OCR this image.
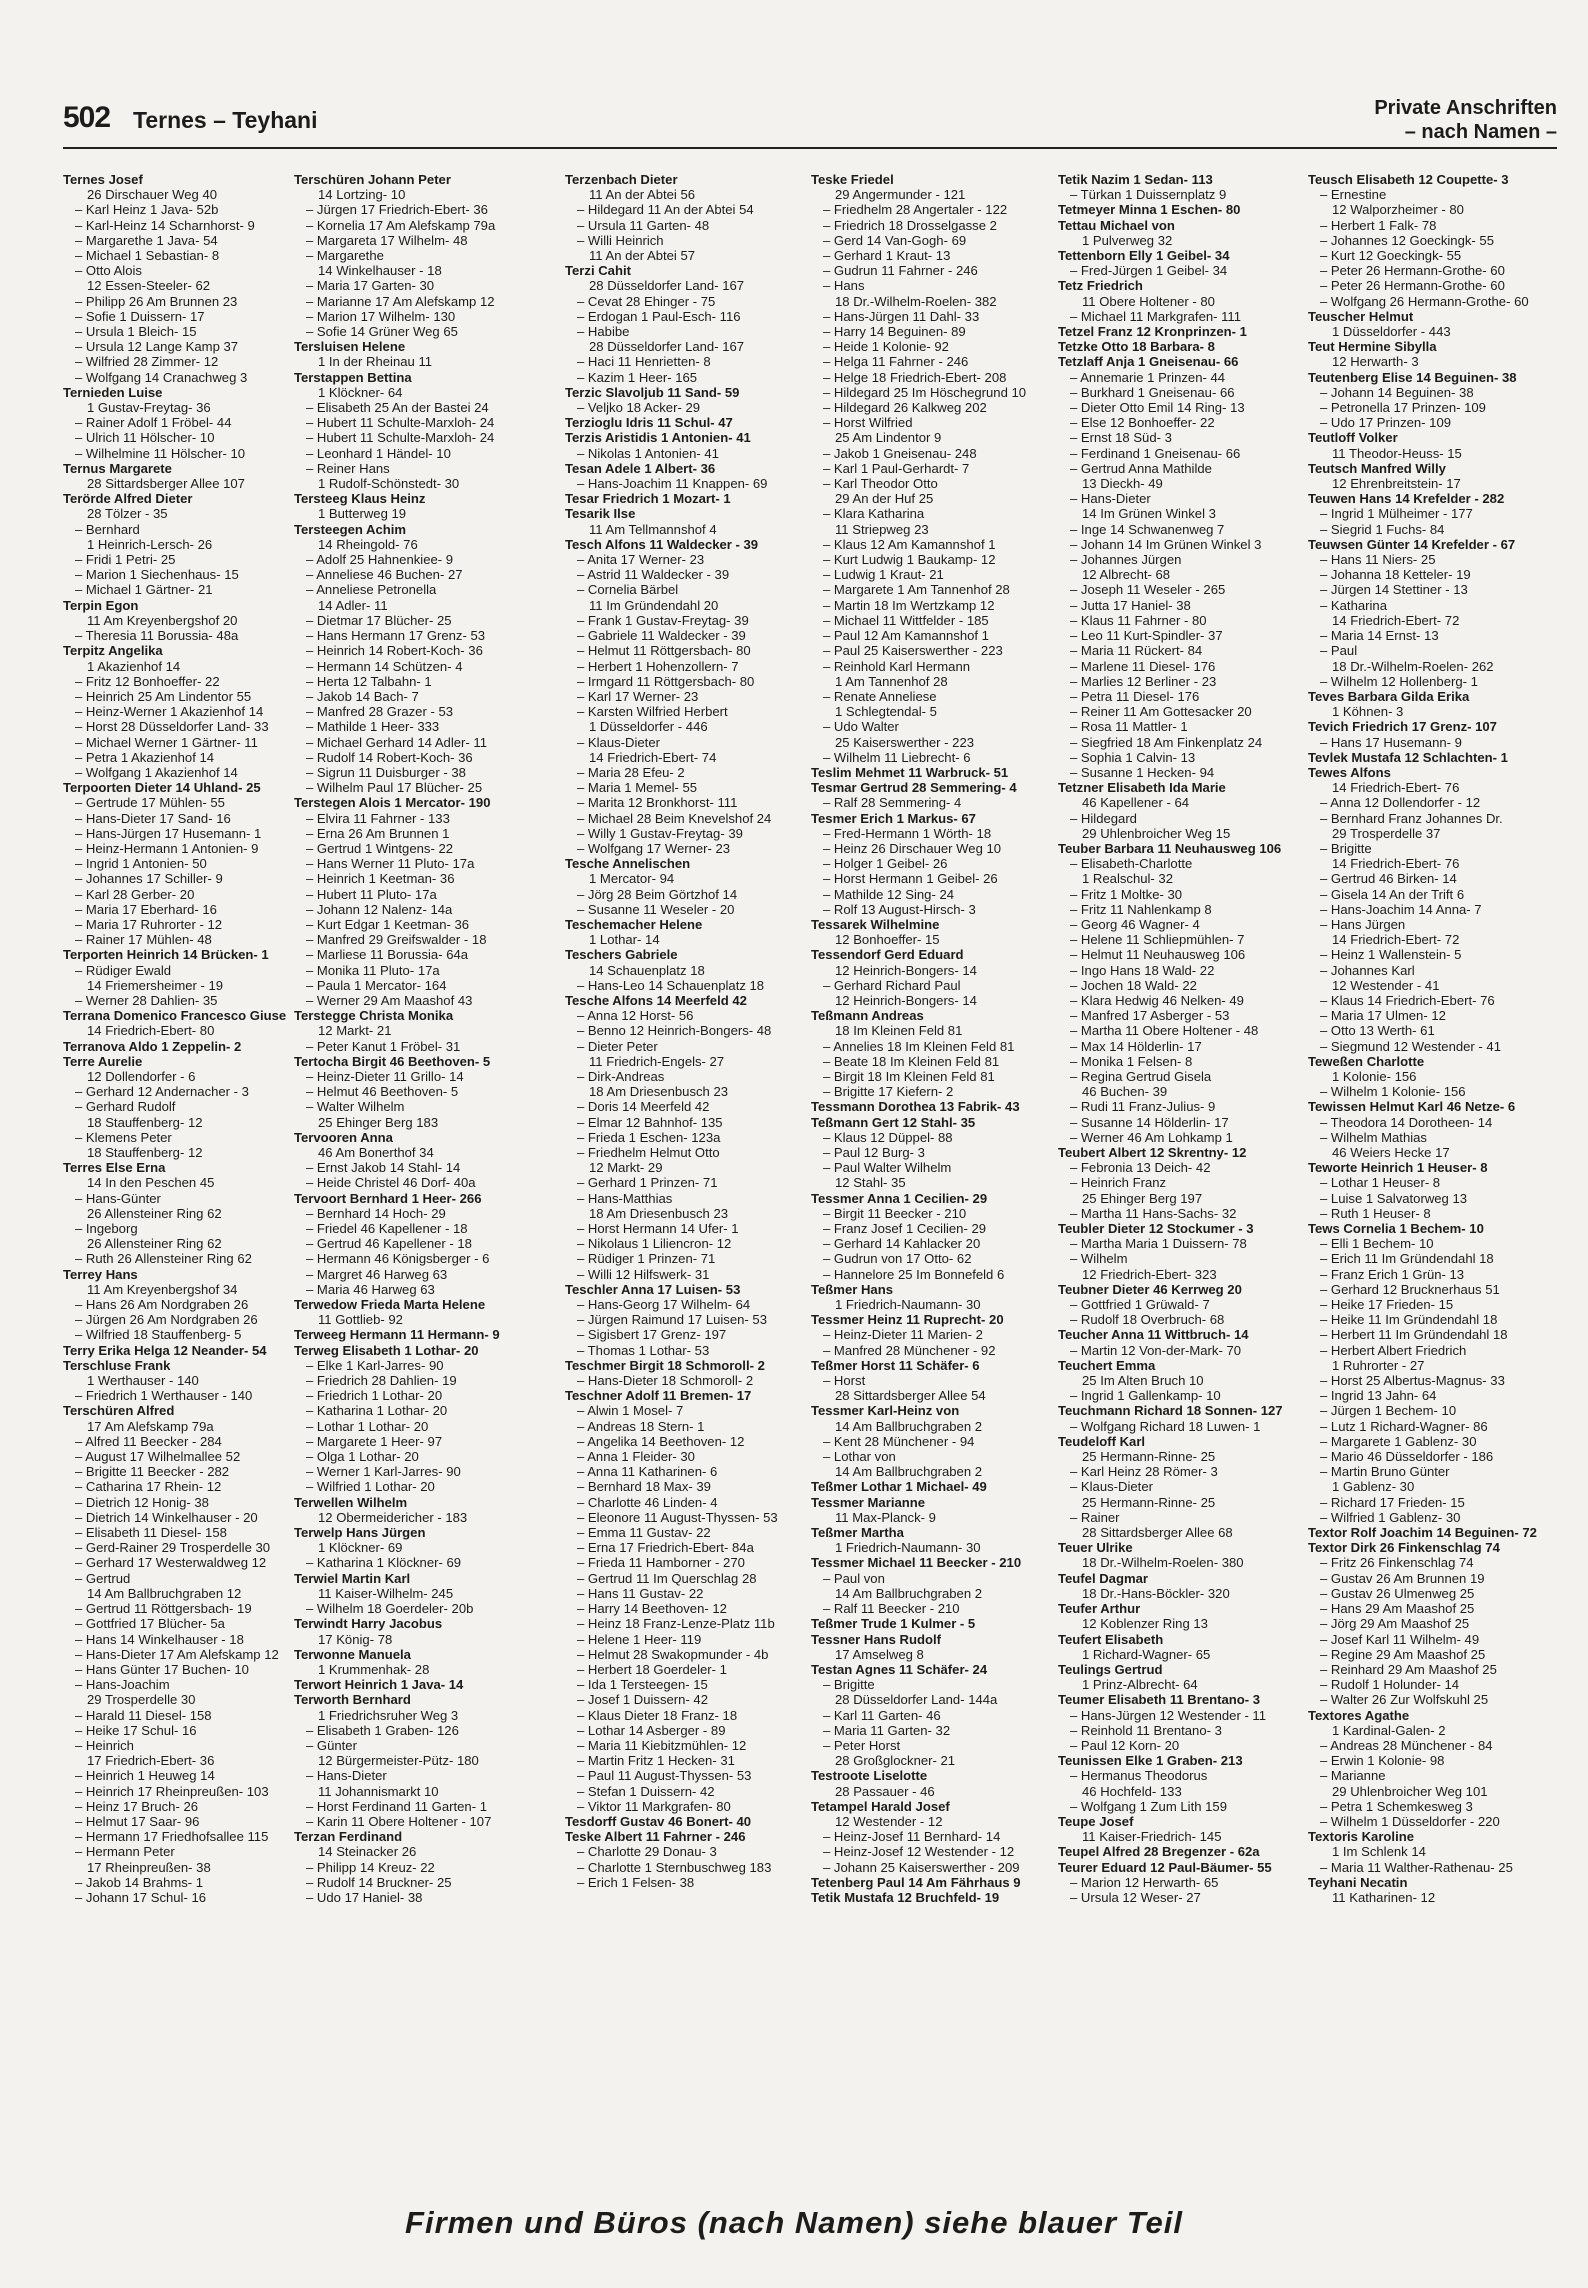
502 Ternes – Teyhani	Private Anschriften
– nach Namen –
Ternes Josef
26 Dirschauer Weg 40
– Karl Heinz 1 Java- 52b
– Karl-Heinz 14 Scharnhorst- 9
– Margarethe 1 Java- 54
– Michael 1 Sebastian- 8
– Otto Alois
12 Essen-Steeler- 62
– Philipp 26 Am Brunnen 23
– Sofie 1 Duissern- 17
– Ursula 1 Bleich- 15
– Ursula 12 Lange Kamp 37
– Wilfried 28 Zimmer- 12
– Wolfgang 14 Cranachweg 3
Ternieden Luise
1 Gustav-Freytag- 36
– Rainer Adolf 1 Fröbel- 44
– Ulrich 11 Hölscher- 10
– Wilhelmine 11 Hölscher- 10
Ternus Margarete
28 Sittardsberger Allee 107
Terörde Alfred Dieter
28 Tölzer - 35
– Bernhard
1 Heinrich-Lersch- 26
– Fridi 1 Petri- 25
– Marion 1 Siechenhaus- 15
– Michael 1 Gärtner- 21
Terpin Egon
11 Am Kreyenbergshof 20
– Theresia 11 Borussia- 48a
Terpitz Angelika
1 Akazienhof 14
– Fritz 12 Bonhoeffer- 22
– Heinrich 25 Am Lindentor 55
– Heinz-Werner 1 Akazienhof 14
– Horst 28 Düsseldorfer Land- 33
– Michael Werner 1 Gärtner- 11
– Petra 1 Akazienhof 14
– Wolfgang 1 Akazienhof 14
Terpoorten Dieter 14 Uhland- 25
– Gertrude 17 Mühlen- 55
– Hans-Dieter 17 Sand- 16
– Hans-Jürgen 17 Husemann- 1
– Heinz-Hermann 1 Antonien- 9
– Ingrid 1 Antonien- 50
– Johannes 17 Schiller- 9
– Karl 28 Gerber- 20
– Maria 17 Eberhard- 16
– Maria 17 Ruhrorter - 12
– Rainer 17 Mühlen- 48
Terporten Heinrich 14 Brücken- 1
– Rüdiger Ewald
14 Friemersheimer - 19
– Werner 28 Dahlien- 35
Terrana Domenico Francesco Giuse
14 Friedrich-Ebert- 80
Terranova Aldo 1 Zeppelin- 2
Terre Aurelie
12 Dollendorfer - 6
– Gerhard 12 Andernacher - 3
– Gerhard Rudolf
18 Stauffenberg- 12
– Klemens Peter
18 Stauffenberg- 12
Terres Else Erna
14 In den Peschen 45
– Hans-Günter
26 Allensteiner Ring 62
– Ingeborg
26 Allensteiner Ring 62
– Ruth 26 Allensteiner Ring 62
Terrey Hans
11 Am Kreyenbergshof 34
– Hans 26 Am Nordgraben 26
– Jürgen 26 Am Nordgraben 26
– Wilfried 18 Stauffenberg- 5
Terry Erika Helga 12 Neander- 54
Terschluse Frank
1 Werthauser - 140
– Friedrich 1 Werthauser - 140
Terschüren Alfred
17 Am Alefskamp 79a
– Alfred 11 Beecker - 284
– August 17 Wilhelmallee 52
– Brigitte 11 Beecker - 282
– Catharina 17 Rhein- 12
– Dietrich 12 Honig- 38
– Dietrich 14 Winkelhauser - 20
– Elisabeth 11 Diesel- 158
– Gerd-Rainer 29 Trosperdelle 30
– Gerhard 17 Westerwaldweg 12
– Gertrud
14 Am Ballbruchgraben 12
– Gertrud 11 Röttgersbach- 19
– Gottfried 17 Blücher- 5a
– Hans 14 Winkelhauser - 18
– Hans-Dieter 17 Am Alefskamp 12
– Hans Günter 17 Buchen- 10
– Hans-Joachim
29 Trosperdelle 30
– Harald 11 Diesel- 158
– Heike 17 Schul- 16
– Heinrich
17 Friedrich-Ebert- 36
– Heinrich 1 Heuweg 14
– Heinrich 17 Rheinpreußen- 103
– Heinz 17 Bruch- 26
– Helmut 17 Saar- 96
– Hermann 17 Friedhofsallee 115
– Hermann Peter
17 Rheinpreußen- 38
– Jakob 14 Brahms- 1
– Johann 17 Schul- 16
Terschüren Johann Peter
14 Lortzing- 10
– Jürgen 17 Friedrich-Ebert- 36
– Kornelia 17 Am Alefskamp 79a
– Margareta 17 Wilhelm- 48
– Margarethe
14 Winkelhauser - 18
– Maria 17 Garten- 30
– Marianne 17 Am Alefskamp 12
– Marion 17 Wilhelm- 130
– Sofie 14 Grüner Weg 65
Tersluisen Helene
1 In der Rheinau 11
Terstappen Bettina
1 Klöckner- 64
– Elisabeth 25 An der Bastei 24
– Hubert 11 Schulte-Marxloh- 24
– Hubert 11 Schulte-Marxloh- 24
– Leonhard 1 Händel- 10
– Reiner Hans
1 Rudolf-Schönstedt- 30
Tersteeg Klaus Heinz
1 Butterweg 19
Tersteegen Achim
14 Rheingold- 76
– Adolf 25 Hahnenkiee- 9
– Anneliese 46 Buchen- 27
– Anneliese Petronella
14 Adler- 11
– Dietmar 17 Blücher- 25
– Hans Hermann 17 Grenz- 53
– Heinrich 14 Robert-Koch- 36
– Hermann 14 Schützen- 4
– Herta 12 Talbahn- 1
– Jakob 14 Bach- 7
– Manfred 28 Grazer - 53
– Mathilde 1 Heer- 333
– Michael Gerhard 14 Adler- 11
– Rudolf 14 Robert-Koch- 36
– Sigrun 11 Duisburger - 38
– Wilhelm Paul 17 Blücher- 25
Terstegen Alois 1 Mercator- 190
– Elvira 11 Fahrner - 133
– Erna 26 Am Brunnen 1
– Gertrud 1 Wintgens- 22
– Hans Werner 11 Pluto- 17a
– Heinrich 1 Keetman- 36
– Hubert 11 Pluto- 17a
– Johann 12 Nalenz- 14a
– Kurt Edgar 1 Keetman- 36
– Manfred 29 Greifswalder - 18
– Marliese 11 Borussia- 64a
– Monika 11 Pluto- 17a
– Paula 1 Mercator- 164
– Werner 29 Am Maashof 43
Terstegge Christa Monika
12 Markt- 21
– Peter Kanut 1 Fröbel- 31
Tertocha Birgit 46 Beethoven- 5
– Heinz-Dieter 11 Grillo- 14
– Helmut 46 Beethoven- 5
– Walter Wilhelm
25 Ehinger Berg 183
Tervooren Anna
46 Am Bonerthof 34
– Ernst Jakob 14 Stahl- 14
– Heide Christel 46 Dorf- 40a
Tervoort Bernhard 1 Heer- 266
– Bernhard 14 Hoch- 29
– Friedel 46 Kapellener - 18
– Gertrud 46 Kapellener - 18
– Hermann 46 Königsberger - 6
– Margret 46 Harweg 63
– Maria 46 Harweg 63
Terwedow Frieda Marta Helene
11 Gottlieb- 92
Terweeg Hermann 11 Hermann- 9
Terweg Elisabeth 1 Lothar- 20
– Elke 1 Karl-Jarres- 90
– Friedrich 28 Dahlien- 19
– Friedrich 1 Lothar- 20
– Katharina 1 Lothar- 20
– Lothar 1 Lothar- 20
– Margarete 1 Heer- 97
– Olga 1 Lothar- 20
– Werner 1 Karl-Jarres- 90
– Wilfried 1 Lothar- 20
Terwellen Wilhelm
12 Obermeidericher - 183
Terwelp Hans Jürgen
1 Klöckner- 69
– Katharina 1 Klöckner- 69
Terwiel Martin Karl
11 Kaiser-Wilhelm- 245
– Wilhelm 18 Goerdeler- 20b
Terwindt Harry Jacobus
17 König- 78
Terwonne Manuela
1 Krummenhak- 28
Terwort Heinrich 1 Java- 14
Terworth Bernhard
1 Friedrichsruher Weg 3
– Elisabeth 1 Graben- 126
– Günter
12 Bürgermeister-Pütz- 180
– Hans-Dieter
11 Johannismarkt 10
– Horst Ferdinand 11 Garten- 1
– Karin 11 Obere Holtener - 107
Terzan Ferdinand
14 Steinacker 26
– Philipp 14 Kreuz- 22
– Rudolf 14 Bruckner- 25
– Udo 17 Haniel- 38
Terzenbach Dieter
11 An der Abtei 56
– Hildegard 11 An der Abtei 54
– Ursula 11 Garten- 48
– Willi Heinrich
11 An der Abtei 57
Terzi Cahit
28 Düsseldorfer Land- 167
– Cevat 28 Ehinger - 75
– Erdogan 1 Paul-Esch- 116
– Habibe
28 Düsseldorfer Land- 167
– Haci 11 Henrietten- 8
– Kazim 1 Heer- 165
Terzic Slavoljub 11 Sand- 59
– Veljko 18 Acker- 29
Terzioglu Idris 11 Schul- 47
Terzis Aristidis 1 Antonien- 41
– Nikolas 1 Antonien- 41
Tesan Adele 1 Albert- 36
– Hans-Joachim 11 Knappen- 69
Tesar Friedrich 1 Mozart- 1
Tesarik Ilse
11 Am Tellmannshof 4
Tesch Alfons 11 Waldecker - 39
– Anita 17 Werner- 23
– Astrid 11 Waldecker - 39
– Cornelia Bärbel
11 Im Gründendahl 20
– Frank 1 Gustav-Freytag- 39
– Gabriele 11 Waldecker - 39
– Helmut 11 Röttgersbach- 80
– Herbert 1 Hohenzollern- 7
– Irmgard 11 Röttgersbach- 80
– Karl 17 Werner- 23
– Karsten Wilfried Herbert
1 Düsseldorfer - 446
– Klaus-Dieter
14 Friedrich-Ebert- 74
– Maria 28 Efeu- 2
– Maria 1 Memel- 55
– Marita 12 Bronkhorst- 111
– Michael 28 Beim Knevelshof 24
– Willy 1 Gustav-Freytag- 39
– Wolfgang 17 Werner- 23
Tesche Annelischen
1 Mercator- 94
– Jörg 28 Beim Görtzhof 14
– Susanne 11 Weseler - 20
Teschemacher Helene
1 Lothar- 14
Teschers Gabriele
14 Schauenplatz 18
– Hans-Leo 14 Schauenplatz 18
Tesche Alfons 14 Meerfeld 42
– Anna 12 Horst- 56
– Benno 12 Heinrich-Bongers- 48
– Dieter Peter
11 Friedrich-Engels- 27
– Dirk-Andreas
18 Am Driesenbusch 23
– Doris 14 Meerfeld 42
– Elmar 12 Bahnhof- 135
– Frieda 1 Eschen- 123a
– Friedhelm Helmut Otto
12 Markt- 29
– Gerhard 1 Prinzen- 71
– Hans-Matthias
18 Am Driesenbusch 23
– Horst Hermann 14 Ufer- 1
– Nikolaus 1 Liliencron- 12
– Rüdiger 1 Prinzen- 71
– Willi 12 Hilfswerk- 31
Teschler Anna 17 Luisen- 53
– Hans-Georg 17 Wilhelm- 64
– Jürgen Raimund 17 Luisen- 53
– Sigisbert 17 Grenz- 197
– Thomas 1 Lothar- 53
Teschmer Birgit 18 Schmoroll- 2
– Hans-Dieter 18 Schmoroll- 2
Teschner Adolf 11 Bremen- 17
– Alwin 1 Mosel- 7
– Andreas 18 Stern- 1
– Angelika 14 Beethoven- 12
– Anna 1 Fleider- 30
– Anna 11 Katharinen- 6
– Bernhard 18 Max- 39
– Charlotte 46 Linden- 4
– Eleonore 11 August-Thyssen- 53
– Emma 11 Gustav- 22
– Erna 17 Friedrich-Ebert- 84a
– Frieda 11 Hamborner - 270
– Gertrud 11 Im Querschlag 28
– Hans 11 Gustav- 22
– Harry 14 Beethoven- 12
– Heinz 18 Franz-Lenze-Platz 11b
– Helene 1 Heer- 119
– Helmut 28 Swakopmunder - 4b
– Herbert 18 Goerdeler- 1
– Ida 1 Tersteegen- 15
– Josef 1 Duissern- 42
– Klaus Dieter 18 Franz- 18
– Lothar 14 Asberger - 89
– Maria 11 Kiebitzmühlen- 12
– Martin Fritz 1 Hecken- 31
– Paul 11 August-Thyssen- 53
– Stefan 1 Duissern- 42
– Viktor 11 Markgrafen- 80
Tesdorff Gustav 46 Bonert- 40
Teske Albert 11 Fahrner - 246
– Charlotte 29 Donau- 3
– Charlotte 1 Sternbuschweg 183
– Erich 1 Felsen- 38
Teske Friedel
29 Angermunder - 121
– Friedhelm 28 Angertaler - 122
– Friedrich 18 Drosselgasse 2
– Gerd 14 Van-Gogh- 69
– Gerhard 1 Kraut- 13
– Gudrun 11 Fahrner - 246
– Hans
18 Dr.-Wilhelm-Roelen- 382
– Hans-Jürgen 11 Dahl- 33
– Harry 14 Beguinen- 89
– Heide 1 Kolonie- 92
– Helga 11 Fahrner - 246
– Helge 18 Friedrich-Ebert- 208
– Hildegard 25 Im Höschegrund 10
– Hildegard 26 Kalkweg 202
– Horst Wilfried
25 Am Lindentor 9
– Jakob 1 Gneisenau- 248
– Karl 1 Paul-Gerhardt- 7
– Karl Theodor Otto
29 An der Huf 25
– Klara Katharina
11 Striepweg 23
– Klaus 12 Am Kamannshof 1
– Kurt Ludwig 1 Baukamp- 12
– Ludwig 1 Kraut- 21
– Margarete 1 Am Tannenhof 28
– Martin 18 Im Wertzkamp 12
– Michael 11 Wittfelder - 185
– Paul 12 Am Kamannshof 1
– Paul 25 Kaiserswerther - 223
– Reinhold Karl Hermann
1 Am Tannenhof 28
– Renate Anneliese
1 Schlegtendal- 5
– Udo Walter
25 Kaiserswerther - 223
– Wilhelm 11 Liebrecht- 6
Teslim Mehmet 11 Warbruck- 51
Tesmar Gertrud 28 Semmering- 4
– Ralf 28 Semmering- 4
Tesmer Erich 1 Markus- 67
– Fred-Hermann 1 Wörth- 18
– Heinz 26 Dirschauer Weg 10
– Holger 1 Geibel- 26
– Horst Hermann 1 Geibel- 26
– Mathilde 12 Sing- 24
– Rolf 13 August-Hirsch- 3
Tessarek Wilhelmine
12 Bonhoeffer- 15
Tessendorf Gerd Eduard
12 Heinrich-Bongers- 14
– Gerhard Richard Paul
12 Heinrich-Bongers- 14
Teßmann Andreas
18 Im Kleinen Feld 81
– Annelies 18 Im Kleinen Feld 81
– Beate 18 Im Kleinen Feld 81
– Birgit 18 Im Kleinen Feld 81
– Brigitte 17 Kiefern- 2
Tessmann Dorothea 13 Fabrik- 43
Teßmann Gert 12 Stahl- 35
– Klaus 12 Düppel- 88
– Paul 12 Burg- 3
– Paul Walter Wilhelm
12 Stahl- 35
Tessmer Anna 1 Cecilien- 29
– Birgit 11 Beecker - 210
– Franz Josef 1 Cecilien- 29
– Gerhard 14 Kahlacker 20
– Gudrun von 17 Otto- 62
– Hannelore 25 Im Bonnefeld 6
Teßmer Hans
1 Friedrich-Naumann- 30
Tessmer Heinz 11 Ruprecht- 20
– Heinz-Dieter 11 Marien- 2
– Manfred 28 Münchener - 92
Teßmer Horst 11 Schäfer- 6
– Horst
28 Sittardsberger Allee 54
Tessmer Karl-Heinz von
14 Am Ballbruchgraben 2
– Kent 28 Münchener - 94
– Lothar von
14 Am Ballbruchgraben 2
Teßmer Lothar 1 Michael- 49
Tessmer Marianne
11 Max-Planck- 9
Teßmer Martha
1 Friedrich-Naumann- 30
Tessmer Michael 11 Beecker - 210
– Paul von
14 Am Ballbruchgraben 2
– Ralf 11 Beecker - 210
Teßmer Trude 1 Kulmer - 5
Tessner Hans Rudolf
17 Amselweg 8
Testan Agnes 11 Schäfer- 24
– Brigitte
28 Düsseldorfer Land- 144a
– Karl 11 Garten- 46
– Maria 11 Garten- 32
– Peter Horst
28 Großglockner- 21
Testroote Liselotte
28 Passauer - 46
Tetampel Harald Josef
12 Westender - 12
– Heinz-Josef 11 Bernhard- 14
– Heinz-Josef 12 Westender - 12
– Johann 25 Kaiserswerther - 209
Tetenberg Paul 14 Am Fährhaus 9
Tetik Mustafa 12 Bruchfeld- 19
Tetik Nazim 1 Sedan- 113
– Türkan 1 Duissernplatz 9
Tetmeyer Minna 1 Eschen- 80
Tettau Michael von
1 Pulverweg 32
Tettenborn Elly 1 Geibel- 34
– Fred-Jürgen 1 Geibel- 34
Tetz Friedrich
11 Obere Holtener - 80
– Michael 11 Markgrafen- 111
Tetzel Franz 12 Kronprinzen- 1
Tetzke Otto 18 Barbara- 8
Tetzlaff Anja 1 Gneisenau- 66
– Annemarie 1 Prinzen- 44
– Burkhard 1 Gneisenau- 66
– Dieter Otto Emil 14 Ring- 13
– Else 12 Bonhoeffer- 22
– Ernst 18 Süd- 3
– Ferdinand 1 Gneisenau- 66
– Gertrud Anna Mathilde
13 Dieckh- 49
– Hans-Dieter
14 Im Grünen Winkel 3
– Inge 14 Schwanenweg 7
– Johann 14 Im Grünen Winkel 3
– Johannes Jürgen
12 Albrecht- 68
– Joseph 11 Weseler - 265
– Jutta 17 Haniel- 38
– Klaus 11 Fahrner - 80
– Leo 11 Kurt-Spindler- 37
– Maria 11 Rückert- 84
– Marlene 11 Diesel- 176
– Marlies 12 Berliner - 23
– Petra 11 Diesel- 176
– Reiner 11 Am Gottesacker 20
– Rosa 11 Mattler- 1
– Siegfried 18 Am Finkenplatz 24
– Sophia 1 Calvin- 13
– Susanne 1 Hecken- 94
Tetzner Elisabeth Ida Marie
46 Kapellener - 64
– Hildegard
29 Uhlenbroicher Weg 15
Teuber Barbara 11 Neuhausweg 106
– Elisabeth-Charlotte
1 Realschul- 32
– Fritz 1 Moltke- 30
– Fritz 11 Nahlenkamp 8
– Georg 46 Wagner- 4
– Helene 11 Schliepmühlen- 7
– Helmut 11 Neuhausweg 106
– Ingo Hans 18 Wald- 22
– Jochen 18 Wald- 22
– Klara Hedwig 46 Nelken- 49
– Manfred 17 Asberger - 53
– Martha 11 Obere Holtener - 48
– Max 14 Hölderlin- 17
– Monika 1 Felsen- 8
– Regina Gertrud Gisela
46 Buchen- 39
– Rudi 11 Franz-Julius- 9
– Susanne 14 Hölderlin- 17
– Werner 46 Am Lohkamp 1
Teubert Albert 12 Skrentny- 12
– Febronia 13 Deich- 42
– Heinrich Franz
25 Ehinger Berg 197
– Martha 11 Hans-Sachs- 32
Teubler Dieter 12 Stockumer - 3
– Martha Maria 1 Duissern- 78
– Wilhelm
12 Friedrich-Ebert- 323
Teubner Dieter 46 Kerrweg 20
– Gottfried 1 Grüwald- 7
– Rudolf 18 Overbruch- 68
Teucher Anna 11 Wittbruch- 14
– Martin 12 Von-der-Mark- 70
Teuchert Emma
25 Im Alten Bruch 10
– Ingrid 1 Gallenkamp- 10
Teuchmann Richard 18 Sonnen- 127
– Wolfgang Richard 18 Luwen- 1
Teudeloff Karl
25 Hermann-Rinne- 25
– Karl Heinz 28 Römer- 3
– Klaus-Dieter
25 Hermann-Rinne- 25
– Rainer
28 Sittardsberger Allee 68
Teuer Ulrike
18 Dr.-Wilhelm-Roelen- 380
Teufel Dagmar
18 Dr.-Hans-Böckler- 320
Teufer Arthur
12 Koblenzer Ring 13
Teufert Elisabeth
1 Richard-Wagner- 65
Teulings Gertrud
1 Prinz-Albrecht- 64
Teumer Elisabeth 11 Brentano- 3
– Hans-Jürgen 12 Westender - 11
– Reinhold 11 Brentano- 3
– Paul 12 Korn- 20
Teunissen Elke 1 Graben- 213
– Hermanus Theodorus
46 Hochfeld- 133
– Wolfgang 1 Zum Lith 159
Teupe Josef
11 Kaiser-Friedrich- 145
Teupel Alfred 28 Bregenzer - 62a
Teurer Eduard 12 Paul-Bäumer- 55
– Marion 12 Herwarth- 65
– Ursula 12 Weser- 27
Teusch Elisabeth 12 Coupette- 3
– Ernestine
12 Walporzheimer - 80
– Herbert 1 Falk- 78
– Johannes 12 Goeckingk- 55
– Kurt 12 Goeckingk- 55
– Peter 26 Hermann-Grothe- 60
– Peter 26 Hermann-Grothe- 60
– Wolfgang 26 Hermann-Grothe- 60
Teuscher Helmut
1 Düsseldorfer - 443
Teut Hermine Sibylla
12 Herwarth- 3
Teutenberg Elise 14 Beguinen- 38
– Johann 14 Beguinen- 38
– Petronella 17 Prinzen- 109
– Udo 17 Prinzen- 109
Teutloff Volker
11 Theodor-Heuss- 15
Teutsch Manfred Willy
12 Ehrenbreitstein- 17
Teuwen Hans 14 Krefelder - 282
– Ingrid 1 Mülheimer - 177
– Siegrid 1 Fuchs- 84
Teuwsen Günter 14 Krefelder - 67
– Hans 11 Niers- 25
– Johanna 18 Ketteler- 19
– Jürgen 14 Stettiner - 13
– Katharina
14 Friedrich-Ebert- 72
– Maria 14 Ernst- 13
– Paul
18 Dr.-Wilhelm-Roelen- 262
– Wilhelm 12 Hollenberg- 1
Teves Barbara Gilda Erika
1 Köhnen- 3
Tevich Friedrich 17 Grenz- 107
– Hans 17 Husemann- 9
Tevlek Mustafa 12 Schlachten- 1
Tewes Alfons
14 Friedrich-Ebert- 76
– Anna 12 Dollendorfer - 12
– Bernhard Franz Johannes Dr.
29 Trosperdelle 37
– Brigitte
14 Friedrich-Ebert- 76
– Gertrud 46 Birken- 14
– Gisela 14 An der Trift 6
– Hans-Joachim 14 Anna- 7
– Hans Jürgen
14 Friedrich-Ebert- 72
– Heinz 1 Wallenstein- 5
– Johannes Karl
12 Westender - 41
– Klaus 14 Friedrich-Ebert- 76
– Maria 17 Ulmen- 12
– Otto 13 Werth- 61
– Siegmund 12 Westender - 41
Teweßen Charlotte
1 Kolonie- 156
– Wilhelm 1 Kolonie- 156
Tewissen Helmut Karl 46 Netze- 6
– Theodora 14 Dorotheen- 14
– Wilhelm Mathias
46 Weiers Hecke 17
Teworte Heinrich 1 Heuser- 8
– Lothar 1 Heuser- 8
– Luise 1 Salvatorweg 13
– Ruth 1 Heuser- 8
Tews Cornelia 1 Bechem- 10
– Elli 1 Bechem- 10
– Erich 11 Im Gründendahl 18
– Franz Erich 1 Grün- 13
– Gerhard 12 Brucknerhaus 51
– Heike 17 Frieden- 15
– Heike 11 Im Gründendahl 18
– Herbert 11 Im Gründendahl 18
– Herbert Albert Friedrich
1 Ruhrorter - 27
– Horst 25 Albertus-Magnus- 33
– Ingrid 13 Jahn- 64
– Jürgen 1 Bechem- 10
– Lutz 1 Richard-Wagner- 86
– Margarete 1 Gablenz- 30
– Mario 46 Düsseldorfer - 186
– Martin Bruno Günter
1 Gablenz- 30
– Richard 17 Frieden- 15
– Wilfried 1 Gablenz- 30
Textor Rolf Joachim 14 Beguinen- 72
Textor Dirk 26 Finkenschlag 74
– Fritz 26 Finkenschlag 74
– Gustav 26 Am Brunnen 19
– Gustav 26 Ulmenweg 25
– Hans 29 Am Maashof 25
– Jörg 29 Am Maashof 25
– Josef Karl 11 Wilhelm- 49
– Regine 29 Am Maashof 25
– Reinhard 29 Am Maashof 25
– Rudolf 1 Holunder- 14
– Walter 26 Zur Wolfskuhl 25
Textores Agathe
1 Kardinal-Galen- 2
– Andreas 28 Münchener - 84
– Erwin 1 Kolonie- 98
– Marianne
29 Uhlenbroicher Weg 101
– Petra 1 Schemkesweg 3
– Wilhelm 1 Düsseldorfer - 220
Textoris Karoline
1 Im Schlenk 14
– Maria 11 Walther-Rathenau- 25
Teyhani Necatin
11 Katharinen- 12
Firmen und Büros (nach Namen) siehe blauer Teil
